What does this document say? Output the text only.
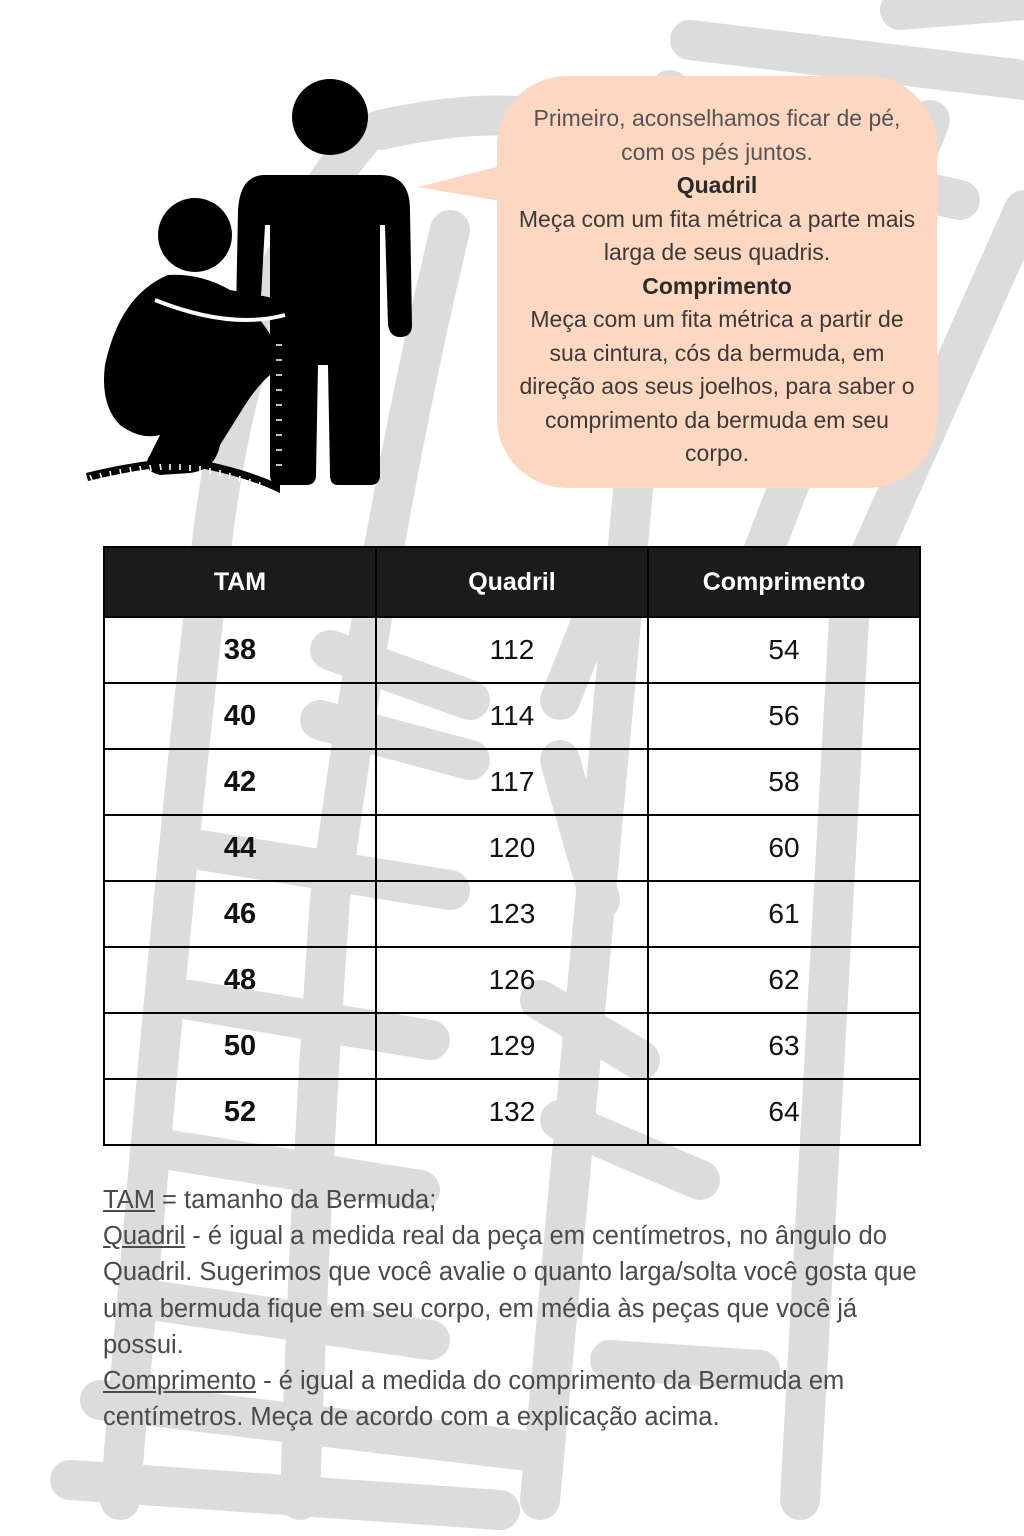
Primeiro, aconselhamos ficar de pé, com os pés juntos.

Quadril

Meça com um fita métrica a parte mais larga de seus quadris.

Comprimento

Meça com um fita métrica a partir de sua cintura, cós da bermuda, em direção aos seus joelhos, para saber o comprimento da bermuda em seu corpo.

TAM	Quadril	Comprimento
38	112	54
40	114	56
42	117	58
44	120	60
46	123	61
48	126	62
50	129	63
52	132	64

TAM = tamanho da Bermuda;

Quadril - é igual a medida real da peça em centímetros, no ângulo do Quadril. Sugerimos que você avalie o quanto larga/solta você gosta que uma bermuda fique em seu corpo, em média às peças que você já possui.

Comprimento - é igual a medida do comprimento da Bermuda em centímetros. Meça de acordo com a explicação acima.
